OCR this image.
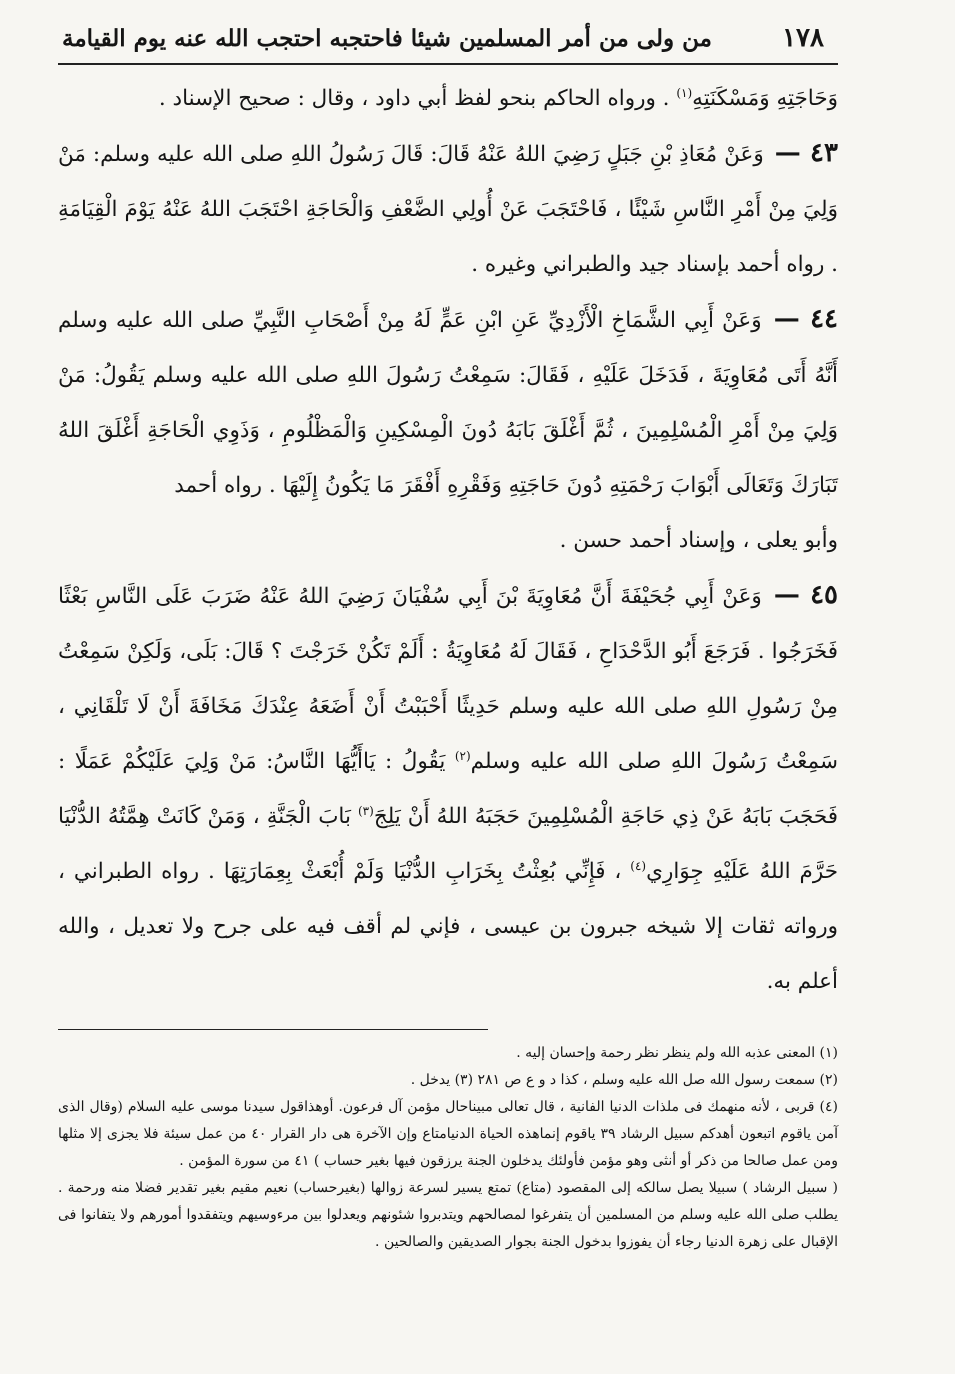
١٧٨
من ولى من أمر المسلمين شيئا فاحتجبه احتجب الله عنه يوم القيامة

وَحَاجَتِهِ وَمَسْكَنَتِهِ$^{(١)}$ . ورواه الحاكم بنحو لفظ أبي داود ، وقال : صحيح الإسناد .

٤٣ — وَعَنْ مُعَاذِ بْنِ جَبَلٍ رَضِيَ اللهُ عَنْهُ قَالَ: قَالَ رَسُولُ اللهِ صلى الله عليه وسلم: مَنْ وَلِيَ مِنْ أَمْرِ النَّاسِ شَيْئًا ، فَاحْتَجَبَ عَنْ أُولِي الضَّعْفِ وَالْحَاجَةِ احْتَجَبَ اللهُ عَنْهُ يَوْمَ الْقِيَامَةِ . رواه أحمد بإسناد جيد والطبراني وغيره .

٤٤ — وَعَنْ أَبِي الشَّمَاخِ الْأَزْدِيِّ عَنِ ابْنِ عَمٍّ لَهُ مِنْ أَصْحَابِ النَّبِيِّ صلى الله عليه وسلم أَنَّهُ أَتَى مُعَاوِيَةَ ، فَدَخَلَ عَلَيْهِ ، فَقَالَ: سَمِعْتُ رَسُولَ اللهِ صلى الله عليه وسلم يَقُولُ: مَنْ وَلِيَ مِنْ أَمْرِ الْمُسْلِمِينَ ، ثُمَّ أَغْلَقَ بَابَهُ دُونَ الْمِسْكِينِ وَالْمَظْلُومِ ، وَذَوِي الْحَاجَةِ أَغْلَقَ اللهُ تَبَارَكَ وَتَعَالَى أَبْوَابَ رَحْمَتِهِ دُونَ حَاجَتِهِ وَفَقْرِهِ أَفْقَرَ مَا يَكُونُ إِلَيْهَا . رواه أحمد

وأبو يعلى ، وإسناد أحمد حسن .

٤٥ — وَعَنْ أَبِي جُحَيْفَةَ أَنَّ مُعَاوِيَةَ بْنَ أَبِي سُفْيَانَ رَضِيَ اللهُ عَنْهُ ضَرَبَ عَلَى النَّاسِ بَعْثًا فَخَرَجُوا . فَرَجَعَ أَبُو الدَّحْدَاحِ ، فَقَالَ لَهُ مُعَاوِيَةُ : أَلَمْ تَكُنْ خَرَجْتَ ؟ قَالَ: بَلَى، وَلَكِنْ سَمِعْتُ مِنْ رَسُولِ اللهِ صلى الله عليه وسلم حَدِيثًا أَحْبَبْتُ أَنْ أَضَعَهُ عِنْدَكَ مَخَافَةَ أَنْ لَا تَلْقَانِي ، سَمِعْتُ رَسُولَ اللهِ صلى الله عليه وسلم$^{(٢)}$ يَقُولُ : يَاأَيُّهَا النَّاسُ: مَنْ وَلِيَ عَلَيْكُمْ عَمَلًا : فَحَجَبَ بَابَهُ عَنْ ذِي حَاجَةِ الْمُسْلِمِينَ حَجَبَهُ اللهُ أَنْ يَلِجَ$^{(٣)}$ بَابَ الْجَنَّةِ ، وَمَنْ كَانَتْ هِمَّتُهُ الدُّنْيَا حَرَّمَ اللهُ عَلَيْهِ جِوَارِي$^{(٤)}$ ، فَإِنِّي بُعِثْتُ بِخَرَابِ الدُّنْيَا وَلَمْ أُبْعَثْ بِعِمَارَتِهَا . رواه الطبراني ، ورواته ثقات إلا شيخه جبرون بن عيسى ، فإني لم أقف فيه على جرح ولا تعديل ، والله أعلم به.

(١) المعنى عذبه الله ولم ينظر نظر رحمة وإحسان إليه .

(٢) سمعت رسول الله صل الله عليه وسلم ، كذا د و ع ص ٢٨١ (٣) يدخل .

(٤) قربى ، لأنه منهمك فى ملذات الدنيا الفانية ، قال تعالى مبيناحال مؤمن آل فرعون. أوهذاقول سيدنا موسى عليه السلام (وقال الذى آمن ياقوم اتبعون أهدكم سبيل الرشاد ٣٩ ياقوم إنماهذه الحياة الدنيامتاع وإن الآخرة هى دار القرار ٤٠ من عمل سيئة فلا يجزى إلا مثلها ومن عمل صالحا من ذكر أو أنثى وهو مؤمن فأولئك يدخلون الجنة يرزقون فيها بغير حساب ) ٤١ من سورة المؤمن .

( سبيل الرشاد ) سبيلا يصل سالكه إلى المقصود (متاع) تمتع يسير لسرعة زوالها (بغيرحساب) نعيم مقيم بغير تقدير فضلا منه ورحمة . يطلب صلى الله عليه وسلم من المسلمين أن يتفرغوا لمصالحهم ويتدبروا شئونهم ويعدلوا بين مرءوسيهم ويتفقدوا أمورهم ولا يتفانوا فى الإقبال على زهرة الدنيا رجاء أن يفوزوا بدخول الجنة بجوار الصديقين والصالحين .
